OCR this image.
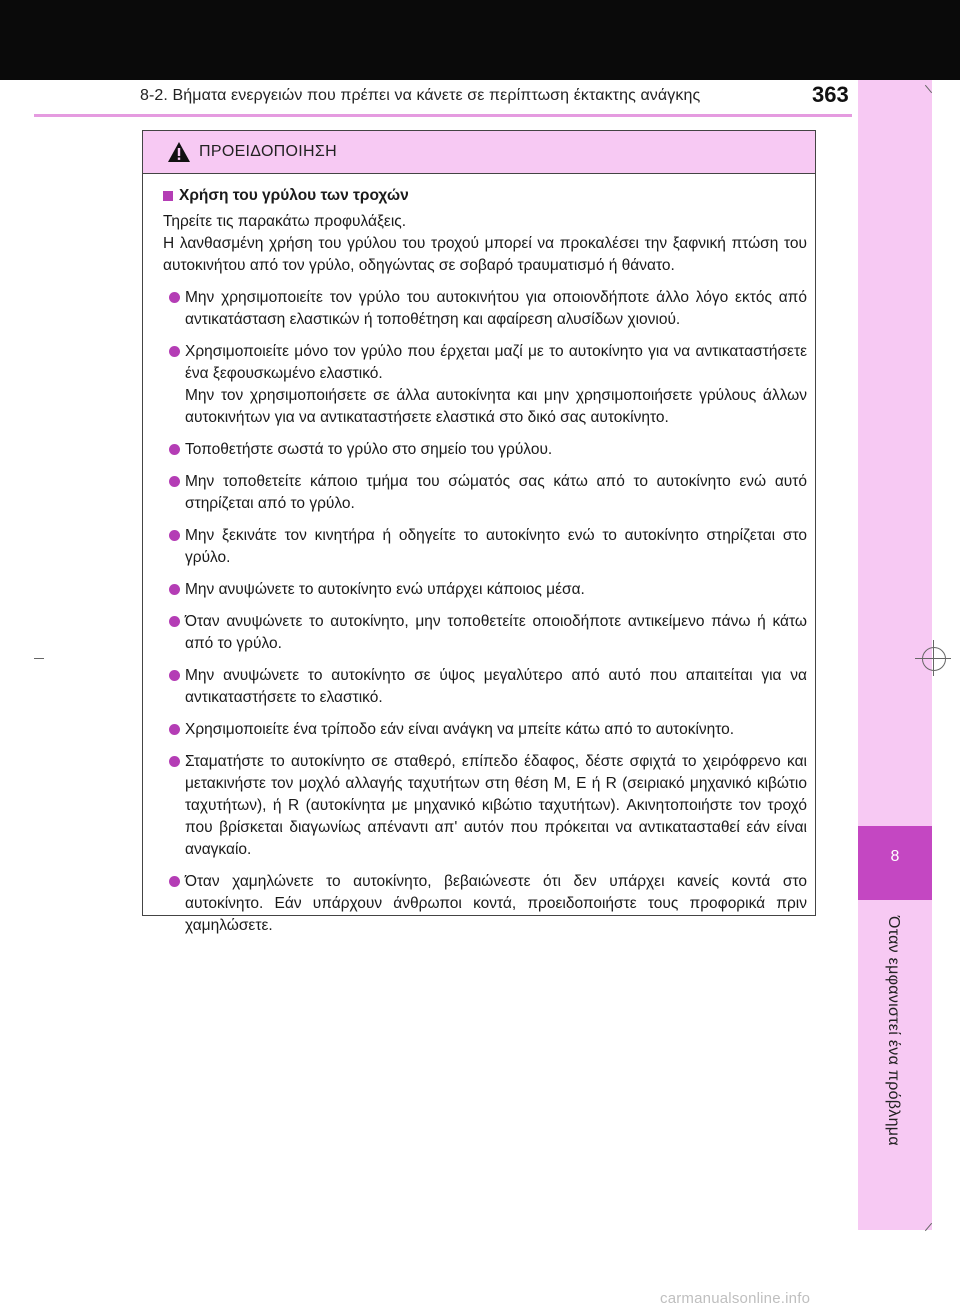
8-2. Βήματα ενεργειών που πρέπει να κάνετε σε περίπτωση έκτακτης ανάγκης	363
8
Όταν εμφανιστεί ένα πρόβλημα
ΠΡΟΕΙΔΟΠΟΙΗΣΗ
Χρήση του γρύλου των τροχών

Τηρείτε τις παρακάτω προφυλάξεις.

Η λανθασμένη χρήση του γρύλου του τροχού μπορεί να προκαλέσει την ξαφνική πτώση του αυτοκινήτου από τον γρύλο, οδηγώντας σε σοβαρό τραυματισμό ή θάνατο.

Μην χρησιμοποιείτε τον γρύλο του αυτοκινήτου για οποιονδήποτε άλλο λόγο εκτός από αντικατάσταση ελαστικών ή τοποθέτηση και αφαίρεση αλυσίδων χιονιού.

Χρησιμοποιείτε μόνο τον γρύλο που έρχεται μαζί με το αυτοκίνητο για να αντικαταστήσετε ένα ξεφουσκωμένο ελαστικό.

Μην τον χρησιμοποιήσετε σε άλλα αυτοκίνητα και μην χρησιμοποιήσετε γρύλους άλλων αυτοκινήτων για να αντικαταστήσετε ελαστικά στο δικό σας αυτοκίνητο.

Τοποθετήστε σωστά το γρύλο στο σημείο του γρύλου.

Μην τοποθετείτε κάποιο τμήμα του σώματός σας κάτω από το αυτοκίνητο ενώ αυτό στηρίζεται από το γρύλο.

Μην ξεκινάτε τον κινητήρα ή οδηγείτε το αυτοκίνητο ενώ το αυτοκίνητο στηρίζεται στο γρύλο.

Μην ανυψώνετε το αυτοκίνητο ενώ υπάρχει κάποιος μέσα.

Όταν ανυψώνετε το αυτοκίνητο, μην τοποθετείτε οποιοδήποτε αντικείμενο πάνω ή κάτω από το γρύλο.

Μην ανυψώνετε το αυτοκίνητο σε ύψος μεγαλύτερο από αυτό που απαιτείται για να αντικαταστήσετε το ελαστικό.

Χρησιμοποιείτε ένα τρίποδο εάν είναι ανάγκη να μπείτε κάτω από το αυτοκίνητο.

Σταματήστε το αυτοκίνητο σε σταθερό, επίπεδο έδαφος, δέστε σφιχτά το χειρόφρενο και μετακινήστε τον μοχλό αλλαγής ταχυτήτων στη θέση M, E ή R (σειριακό μηχανικό κιβώτιο ταχυτήτων), ή R (αυτοκίνητα με μηχανικό κιβώτιο ταχυτήτων). Ακινητοποιήστε τον τροχό που βρίσκεται διαγωνίως απέναντι απ' αυτόν που πρόκειται να αντικατασταθεί εάν είναι αναγκαίο.

Όταν χαμηλώνετε το αυτοκίνητο, βεβαιώνεστε ότι δεν υπάρχει κανείς κοντά στο αυτοκίνητο. Εάν υπάρχουν άνθρωποι κοντά, προειδοποιήστε τους προφορικά πριν χαμηλώσετε.

carmanualsonline.info
